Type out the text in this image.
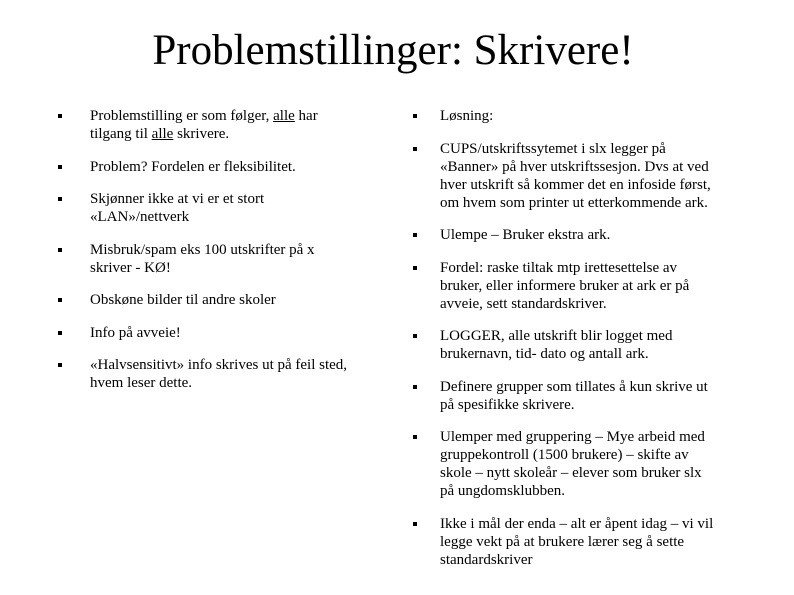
Problemstillinger: Skrivere!
Problemstilling er som følger, alle har
tilgang til alle skrivere.
Problem? Fordelen er fleksibilitet.
Skjønner ikke at vi er et stort
«LAN»/nettverk
Misbruk/spam eks 100 utskrifter på x
skriver - KØ!
Obskøne bilder til andre skoler
Info på avveie!
«Halvsensitivt» info skrives ut på feil sted,
hvem leser dette.
Løsning:
CUPS/utskriftssytemet i slx legger på
«Banner» på hver utskriftssesjon. Dvs at ved
hver utskrift så kommer det en infoside først,
om hvem som printer ut etterkommende ark.
Ulempe – Bruker ekstra ark.
Fordel: raske tiltak mtp irettesettelse av
bruker, eller informere bruker at ark er på
avveie, sett standardskriver.
LOGGER, alle utskrift blir logget med
brukernavn, tid- dato og antall ark.
Definere grupper som tillates å kun skrive ut
på spesifikke skrivere.
Ulemper med gruppering – Mye arbeid med
gruppekontroll (1500 brukere) – skifte av
skole – nytt skoleår – elever som bruker slx
på ungdomsklubben.
Ikke i mål der enda – alt er åpent idag – vi vil
legge vekt på at brukere lærer seg å sette
standardskriver
